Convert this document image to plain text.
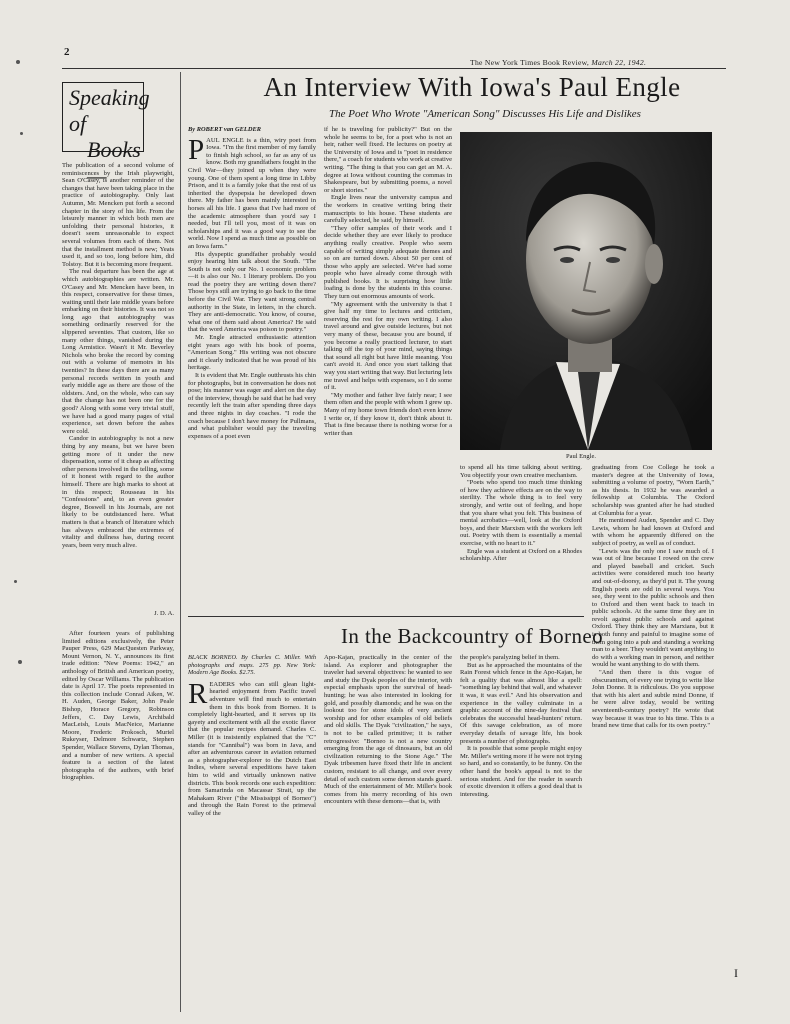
2
The New York Times Book Review, March 22, 1942.
Speaking of
Books—

The publication of a second volume of reminiscences by the Irish playwright, Sean O'Casey, is another reminder of the changes that have been taking place in the practice of autobiography. Only last Autumn, Mr. Mencken put forth a second chapter in the story of his life. From the leisurely manner in which both men are unfolding their personal histories, it doesn't seem unreasonable to expect several volumes from each of them. Not that the installment method is new; Yeats used it, and so too, long before him, did Tolstoy. But it is becoming more frequent.

The real departure has been the age at which autobiographies are written. Mr. O'Casey and Mr. Mencken have been, in this respect, conservative for these times, waiting until their late middle years before embarking on their histories. It was not so long ago that autobiography was something ordinarily reserved for the slippered seventies. That custom, like so many other things, vanished during the Long Armistice. Wasn't it Mr. Beverley Nichols who broke the record by coming out with a volume of memoirs in his twenties? In these days there are as many personal records written in youth and early middle age as there are those of the oldsters. And, on the whole, who can say that the change has not been one for the good? Along with some very trivial stuff, we have had a good many pages of vital experience, set down before the ashes were cold.

Candor in autobiography is not a new thing by any means, but we have been getting more of it under the new dispensation, some of it cheap as affecting other persons involved in the telling, some of it honest with regard to the author himself. There are high marks to shoot at in this respect; Rousseau in his "Confessions" and, to an even greater degree, Boswell in his Journals, are not likely to be outdistanced here. What matters is that a branch of literature which has always embraced the extremes of vitality and dullness has, during recent years, been very much alive.

J. D. A.

After fourteen years of publishing limited editions exclusively, the Peter Pauper Press, 629 MacQuesten Parkway, Mount Vernon, N. Y., announces its first trade edition: "New Poems: 1942," an anthology of British and American poetry, edited by Oscar Williams. The publication date is April 17. The poets represented in this collection include Conrad Aiken, W. H. Auden, George Baker, John Peale Bishop, Horace Gregory, Robinson Jeffers, C. Day Lewis, Archibald MacLeish, Louis MacNeice, Marianne Moore, Frederic Prokosch, Muriel Rukeyser, Delmore Schwartz, Stephen Spender, Wallace Stevens, Dylan Thomas, and a number of new writers. A special feature is a section of the latest photographs of the authors, with brief biographies.

An Interview With Iowa's Paul Engle
The Poet Who Wrote "American Song" Discusses His Life and Dislikes
By ROBERT van GELDER
P AUL ENGLE is a thin, wiry poet from Iowa. "I'm the first member of my family to finish high school, so far as any of us know. Both my grandfathers fought in the Civil War—they joined up when they were young. One of them spent a long time in Libby Prison, and it is a family joke that the rest of us inherited the dyspepsia he developed down there. My father has been mainly interested in horses all his life. I guess that I've had more of the academic atmosphere than you'd say I needed, but I'll tell you, most of it was on scholarships and it was a good way to see the world. Now I spend as much time as possible on an Iowa farm."

His dyspeptic grandfather probably would enjoy hearing him talk about the South. "The South is not only our No. 1 economic problem—it is also our No. 1 literary problem. Do you read the poetry they are writing down there? Those boys still are trying to go back to the time before the Civil War. They want strong central authority in the State, in letters, in the church. They are anti-democratic. You know, of course, what one of them said about America? He said that the word America was poison to poetry."

Mr. Engle attracted enthusiastic attention eight years ago with his book of poems, "American Song." His writing was not obscure and it clearly indicated that he was proud of his heritage.

It is evident that Mr. Engle outthrusts his chin for photographs, but in conversation he does not pose; his manner was eager and alert on the day of the interview, though he said that he had very recently left the train after spending three days and three nights in day coaches. "I rode the coach because I don't have money for Pullmans, and what publisher would pay the traveling expenses of a poet even

if he is traveling for publicity?" But on the whole he seems to be, for a poet who is not an heir, rather well fixed. He lectures on poetry at the University of Iowa and is "poet in residence there," a coach for students who work at creative writing. "The thing is that you can get an M. A. degree at Iowa without counting the commas in Shakespeare, but by submitting poems, a novel or short stories."

Engle lives near the university campus and the workers in creative writing bring their manuscripts to his house. These students are carefully selected, he said, by himself.

"They offer samples of their work and I decide whether they are ever likely to produce anything really creative. People who seem capable of writing simply adequate themes and so on are turned down. About 50 per cent of those who apply are selected. We've had some people who have already come through with published books. It is surprising how little loafing is done by the students in this course. They turn out enormous amounts of work.

"My agreement with the university is that I give half my time to lectures and criticism, reserving the rest for my own writing. I also travel around and give outside lectures, but not very many of these, because you are bound, if you become a really practiced lecturer, to start talking off the top of your mind, saying things that sound all right but have little meaning. You can't avoid it. And once you start talking that way you start writing that way. But lecturing lets me travel and helps with expenses, so I do some of it.

"My mother and father live fairly near; I see them often and the people with whom I grew up. Many of my home town friends don't even know I write or, if they know it, don't think about it. That is fine because there is nothing worse for a writer than

Paul Engle.

to spend all his time talking about writing. You objectify your own creative mechanism.

"Poets who spend too much time thinking of how they achieve effects are on the way to sterility. The whole thing is to feel very strongly, and write out of feeling, and hope that you share what you felt. This business of mental acrobatics—well, look at the Oxford boys, and their Marxism with the workers left out. Poetry with them is essentially a mental exercise, with no heart to it."

Engle was a student at Oxford on a Rhodes scholarship. After

graduating from Coe College he took a master's degree at the University of Iowa, submitting a volume of poetry, "Worn Earth," as his thesis. In 1932 he was awarded a fellowship at Columbia. The Oxford scholarship was granted after he had studied at Columbia for a year.

He mentioned Auden, Spender and C. Day Lewis, whom he had known at Oxford and with whom he apparently differed on the subject of poetry, as well as of conduct.

"Lewis was the only one I saw much of. I was out of line because I rowed on the crew and played baseball and cricket. Such activities were considered much too hearty and out-of-doorsy, as they'd put it. The young English poets are odd in several ways. You see, they went to the public schools and then to Oxford and then went back to teach in public schools. At the same time they are in revolt against public schools and against Oxford. They think they are Marxians, but it is both funny and painful to imagine some of them going into a pub and standing a working man to a beer. They wouldn't want anything to do with a working man in person, and neither would he want anything to do with them.

"And then there is this vogue of obscurantism, of every one trying to write like John Donne. It is ridiculous. Do you suppose that with his alert and subtle mind Donne, if he were alive today, would be writing seventeenth-century poetry? He wrote that way because it was true to his time. This is a brand new time that calls for its own poetry."

I
In the Backcountry of Borneo
BLACK BORNEO. By Charles C. Miller. With photographs and maps. 275 pp. New York: Modern Age Books. $2.75.
R EADERS who can still glean light-hearted enjoyment from Pacific travel adventure will find much to entertain them in this book from Borneo. It is completely light-hearted, and it serves up its gayety and excitement with all the exotic flavor that the popular recipes demand. Charles C. Miller (it is insistently explained that the "C" stands for "Cannibal") was born in Java, and after an adventurous career in aviation returned as a photographer-explorer to the Dutch East Indies, where several expeditions have taken him to wild and virtually unknown native districts. This book records one such expedition: from Samarinda on Macassar Strait, up the Mahakam River ("the Mississippi of Borneo") and through the Rain Forest to the primeval valley of the

Apo-Kajan, practically in the center of the island. As explorer and photographer the traveler had several objectives: he wanted to see and study the Dyak peoples of the interior, with especial emphasis upon the survival of head-hunting; he was also interested in looking for gold, and possibly diamonds; and he was on the lookout too for stone idols of very ancient worship and for other examples of old beliefs and old skills. The Dyak "civilization," he says, is not to be called primitive; it is rather retrogressive: "Borneo is not a new country emerging from the age of dinosaurs, but an old civilization returning to the Stone Age." The Dyak tribesmen have fixed their life in ancient custom, resistant to all change, and over every detail of such custom some demon stands guard. Much of the entertainment of Mr. Miller's book comes from his merry recording of his own encounters with these demons—that is, with

the people's paralyzing belief in them.

But as he approached the mountains of the Rain Forest which fence in the Apo-Kajan, he felt a quality that was almost like a spell: "something lay behind that wall, and whatever it was, it was evil." And his observation and experience in the valley culminate in a graphic account of the nine-day festival that celebrates the successful head-hunters' return. Of this savage celebration, as of more everyday details of savage life, his book presents a number of photographs.

It is possible that some people might enjoy Mr. Miller's writing more if he were not trying so hard, and so constantly, to be funny. On the other hand the book's appeal is not to the serious student. And for the reader in search of exotic diversion it offers a good deal that is interesting.
